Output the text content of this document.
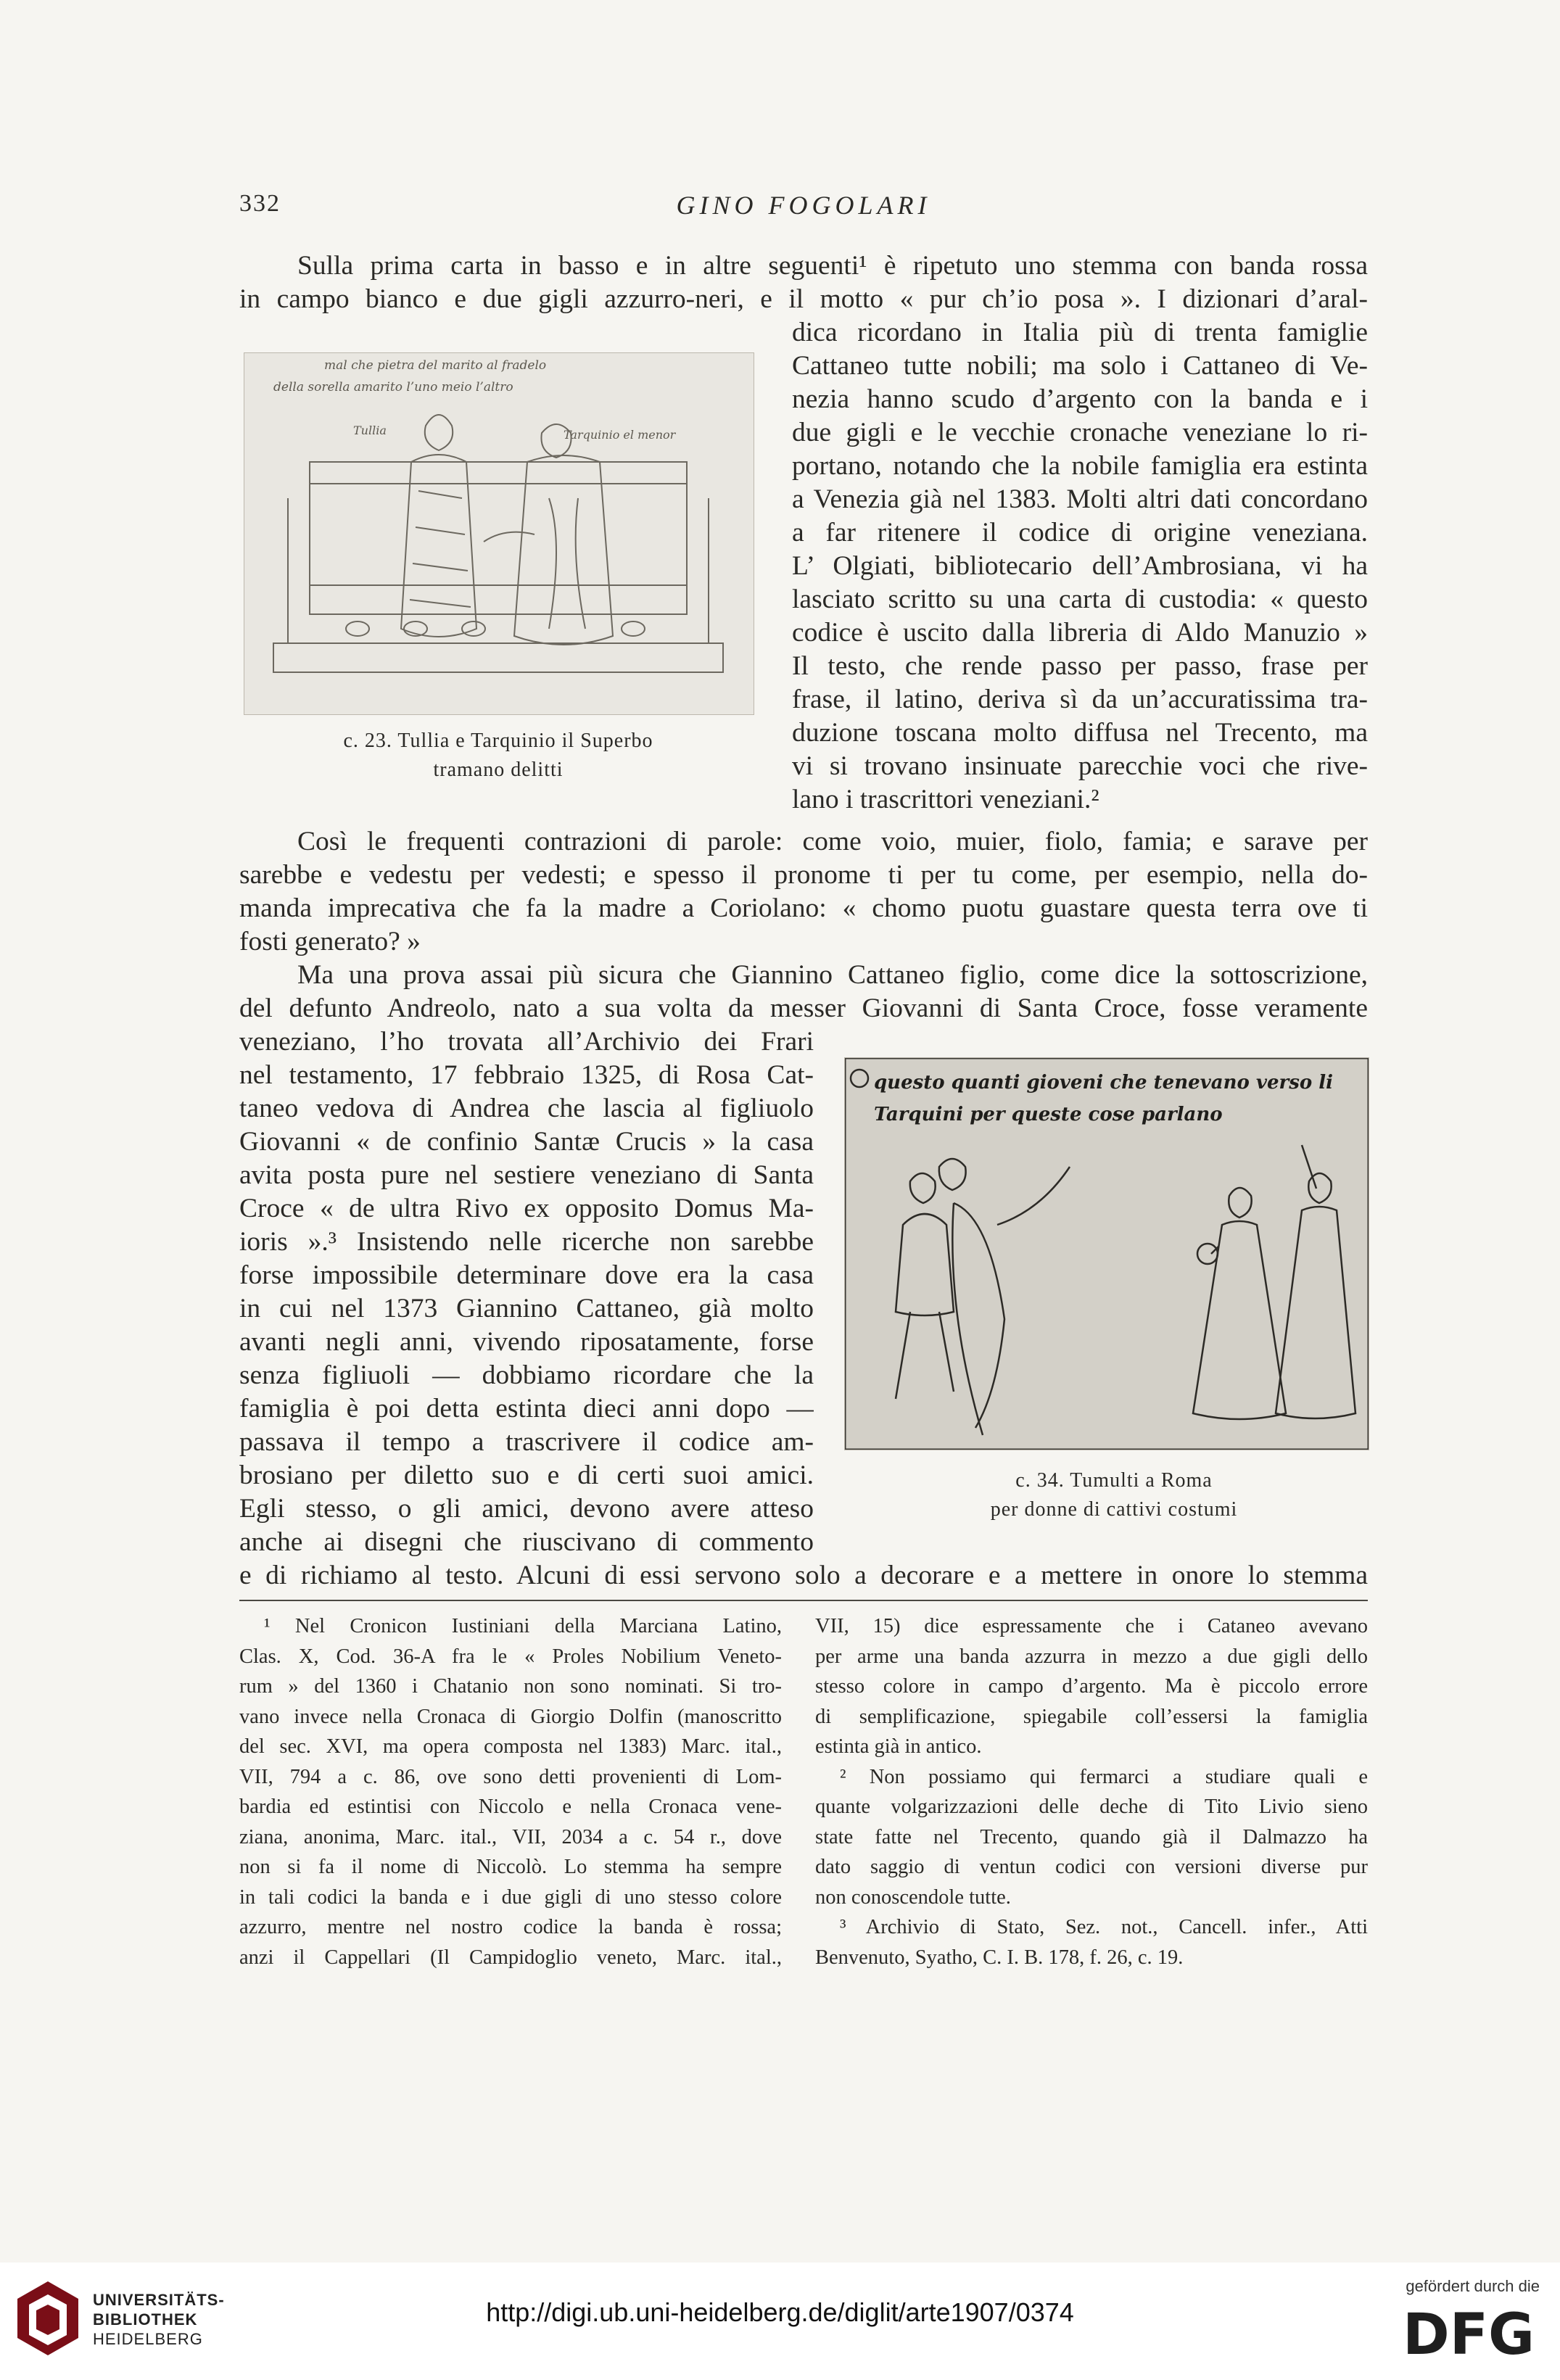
332	GINO FOGOLARI
Sulla prima carta in basso e in altre seguenti¹ è ripetuto uno stemma con banda rossa
in campo bianco e due gigli azzurro-neri, e il motto « pur ch’io posa ». I dizionari d’aral-
mal che pietra del marito al fradelo
della sorella amarito l’uno meio l’altro
Tullia	Tarquinio el menor
c. 23. Tullia e Tarquinio il Superbo
tramano delitti
dica ricordano in Italia più di trenta famiglie
Cattaneo tutte nobili; ma solo i Cattaneo di Ve-
nezia hanno scudo d’argento con la banda e i
due gigli e le vecchie cronache veneziane lo ri-
portano, notando che la nobile famiglia era estinta
a Venezia già nel 1383. Molti altri dati concordano
a far ritenere il codice di origine veneziana.
L’ Olgiati, bibliotecario dell’Ambrosiana, vi ha
lasciato scritto su una carta di custodia: « questo
codice è uscito dalla libreria di Aldo Manuzio »
Il testo, che rende passo per passo, frase per
frase, il latino, deriva sì da un’accuratissima tra-
duzione toscana molto diffusa nel Trecento, ma
vi si trovano insinuate parecchie voci che rive-
lano i trascrittori veneziani.²
Così le frequenti contrazioni di parole: come voio, muier, fiolo, famia; e sarave per
sarebbe e vedestu per vedesti; e spesso il pronome ti per tu come, per esempio, nella do-
manda imprecativa che fa la madre a Coriolano: « chomo puotu guastare questa terra ove ti
fosti generato? »
Ma una prova assai più sicura che Giannino Cattaneo figlio, come dice la sottoscrizione,
del defunto Andreolo, nato a sua volta da messer Giovanni di Santa Croce, fosse veramente
veneziano, l’ho trovata all’Archivio dei Frari
nel testamento, 17 febbraio 1325, di Rosa Cat-
taneo vedova di Andrea che lascia al figliuolo
Giovanni « de confinio Santæ Crucis » la casa
avita posta pure nel sestiere veneziano di Santa
Croce « de ultra Rivo ex opposito Domus Ma-
ioris ».³ Insistendo nelle ricerche non sarebbe
forse impossibile determinare dove era la casa
in cui nel 1373 Giannino Cattaneo, già molto
avanti negli anni, vivendo riposatamente, forse
senza figliuoli — dobbiamo ricordare che la
famiglia è poi detta estinta dieci anni dopo —
passava il tempo a trascrivere il codice am-
brosiano per diletto suo e di certi suoi amici.
Egli stesso, o gli amici, devono avere atteso
anche ai disegni che riuscivano di commento
questo quanti gioveni che tenevano verso li
Tarquini per queste cose parlano
c. 34. Tumulti a Roma
per donne di cattivi costumi
e di richiamo al testo. Alcuni di essi servono solo a decorare e a mettere in onore lo stemma
¹ Nel Cronicon Iustiniani della Marciana Latino,
Clas. X, Cod. 36-A fra le « Proles Nobilium Veneto-
rum » del 1360 i Chatanio non sono nominati. Si tro-
vano invece nella Cronaca di Giorgio Dolfin (manoscritto
del sec. XVI, ma opera composta nel 1383) Marc. ital.,
VII, 794 a c. 86, ove sono detti provenienti di Lom-
bardia ed estintisi con Niccolo e nella Cronaca vene-
ziana, anonima, Marc. ital., VII, 2034 a c. 54 r., dove
non si fa il nome di Niccolò. Lo stemma ha sempre
in tali codici la banda e i due gigli di uno stesso colore
azzurro, mentre nel nostro codice la banda è rossa;
anzi il Cappellari (Il Campidoglio veneto, Marc. ital.,
VII, 15) dice espressamente che i Cataneo avevano
per arme una banda azzurra in mezzo a due gigli dello
stesso colore in campo d’argento. Ma è piccolo errore
di semplificazione, spiegabile coll’essersi la famiglia
estinta già in antico.
² Non possiamo qui fermarci a studiare quali e
quante volgarizzazioni delle deche di Tito Livio sieno
state fatte nel Trecento, quando già il Dalmazzo ha
dato saggio di ventun codici con versioni diverse pur
non conoscendole tutte.
³ Archivio di Stato, Sez. not., Cancell. infer., Atti
Benvenuto, Syatho, C. I. B. 178, f. 26, c. 19.
UNIVERSITÄTS-
BIBLIOTHEK
HEIDELBERG
http://digi.ub.uni-heidelberg.de/diglit/arte1907/0374
gefördert durch die
DFG
